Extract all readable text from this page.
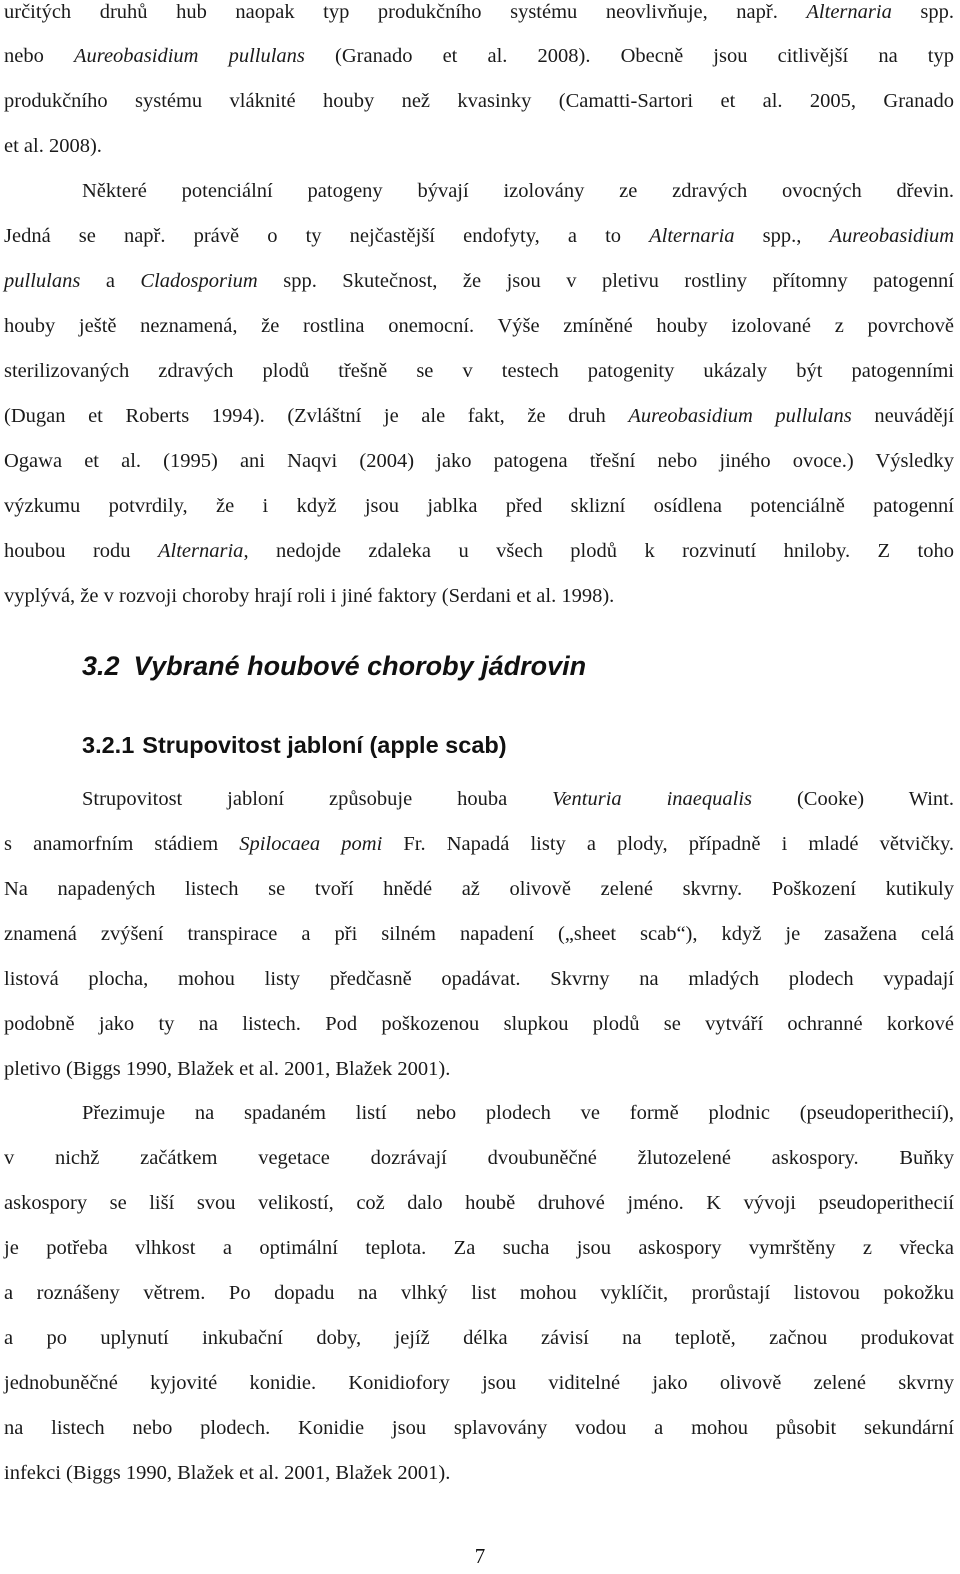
určitých druhů hub naopak typ produkčního systému neovlivňuje, např. Alternaria spp.
nebo Aureobasidium pullulans (Granado et al. 2008). Obecně jsou citlivější na typ
produkčního systému vláknité houby než kvasinky (Camatti-Sartori et al. 2005, Granado
et al. 2008).
Některé potenciální patogeny bývají izolovány ze zdravých ovocných dřevin.
Jedná se např. právě o ty nejčastější endofyty, a to Alternaria spp., Aureobasidium
pullulans a Cladosporium spp. Skutečnost, že jsou v pletivu rostliny přítomny patogenní
houby ještě neznamená, že rostlina onemocní. Výše zmíněné houby izolované z povrchově
sterilizovaných zdravých plodů třešně se v testech patogenity ukázaly být patogenními
(Dugan et Roberts 1994). (Zvláštní je ale fakt, že druh Aureobasidium pullulans neuvádějí
Ogawa et al. (1995) ani Naqvi (2004) jako patogena třešní nebo jiného ovoce.) Výsledky
výzkumu potvrdily, že i když jsou jablka před sklizní osídlena potenciálně patogenní
houbou rodu Alternaria, nedojde zdaleka u všech plodů k rozvinutí hniloby. Z toho
vyplývá, že v rozvoji choroby hrají roli i jiné faktory (Serdani et al. 1998).
3.2 Vybrané houbové choroby jádrovin
3.2.1 Strupovitost jabloní (apple scab)
Strupovitost jabloní způsobuje houba Venturia inaequalis (Cooke) Wint.
s anamorfním stádiem Spilocaea pomi Fr. Napadá listy a plody, případně i mladé větvičky.
Na napadených listech se tvoří hnědé až olivově zelené skvrny. Poškození kutikuly
znamená zvýšení transpirace a při silném napadení („sheet scab“), když je zasažena celá
listová plocha, mohou listy předčasně opadávat. Skvrny na mladých plodech vypadají
podobně jako ty na listech. Pod poškozenou slupkou plodů se vytváří ochranné korkové
pletivo (Biggs 1990, Blažek et al. 2001, Blažek 2001).
Přezimuje na spadaném listí nebo plodech ve formě plodnic (pseudoperithecií),
v nichž začátkem vegetace dozrávají dvoubuněčné žlutozelené askospory. Buňky
askospory se liší svou velikostí, což dalo houbě druhové jméno. K vývoji pseudoperithecií
je potřeba vlhkost a optimální teplota. Za sucha jsou askospory vymrštěny z vřecka
a roznášeny větrem. Po dopadu na vlhký list mohou vyklíčit, prorůstají listovou pokožku
a po uplynutí inkubační doby, jejíž délka závisí na teplotě, začnou produkovat
jednobuněčné kyjovité konidie. Konidiofory jsou viditelné jako olivově zelené skvrny
na listech nebo plodech. Konidie jsou splavovány vodou a mohou působit sekundární
infekci (Biggs 1990, Blažek et al. 2001, Blažek 2001).
7
